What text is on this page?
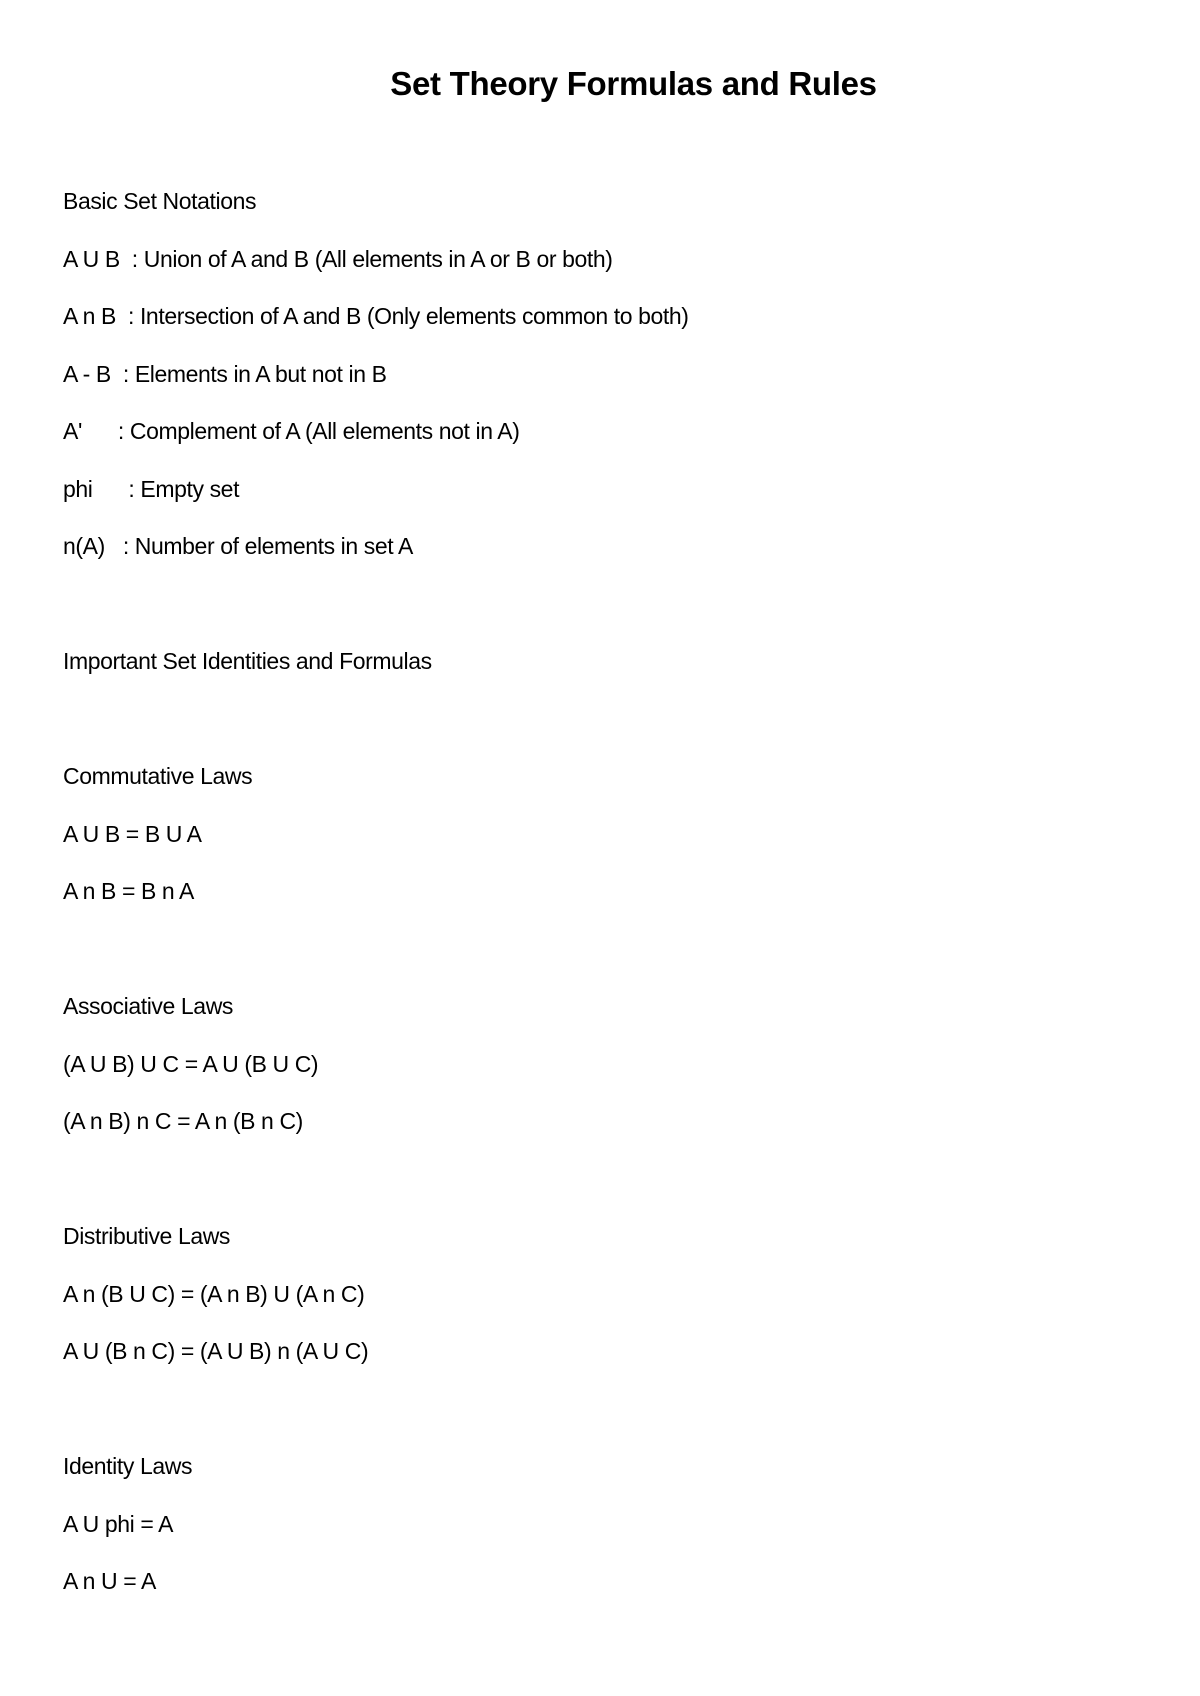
Set Theory Formulas and Rules
Basic Set Notations
A U B  : Union of A and B (All elements in A or B or both)
A n B  : Intersection of A and B (Only elements common to both)
A - B  : Elements in A but not in B
A'      : Complement of A (All elements not in A)
phi      : Empty set
n(A)   : Number of elements in set A
Important Set Identities and Formulas
Commutative Laws
A U B = B U A
A n B = B n A
Associative Laws
(A U B) U C = A U (B U C)
(A n B) n C = A n (B n C)
Distributive Laws
A n (B U C) = (A n B) U (A n C)
A U (B n C) = (A U B) n (A U C)
Identity Laws
A U phi = A
A n U = A
